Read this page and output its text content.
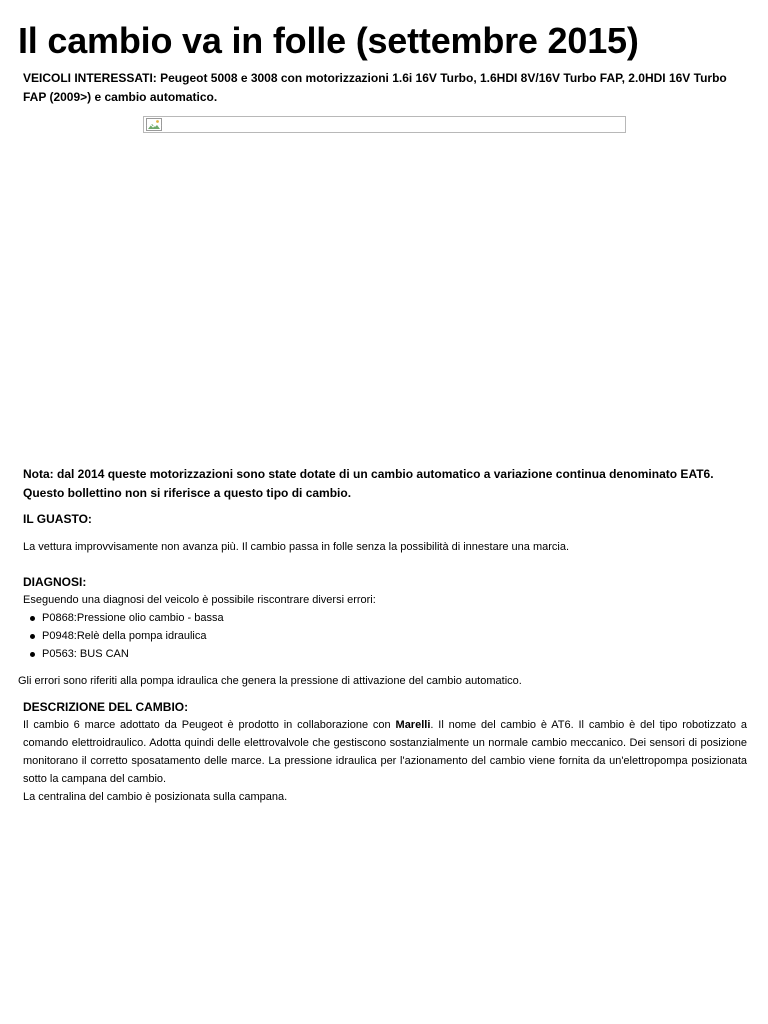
Il cambio va in folle (settembre 2015)

VEICOLI INTERESSATI: Peugeot 5008 e 3008 con motorizzazioni 1.6i 16V Turbo, 1.6HDI 8V/16V Turbo FAP, 2.0HDI 16V Turbo FAP (2009>) e cambio automatico.

Nota: dal 2014 queste motorizzazioni sono state dotate di un cambio automatico a variazione continua denominato EAT6. Questo bollettino non si riferisce a questo tipo di cambio.

IL GUASTO:

La vettura improvvisamente non avanza più. Il cambio passa in folle senza la possibilità di innestare una marcia.

DIAGNOSI:

Eseguendo una diagnosi del veicolo è possibile riscontrare diversi errori:

P0868:Pressione olio cambio - bassa
P0948:Relè della pompa idraulica
P0563: BUS CAN

Gli errori sono riferiti alla pompa idraulica che genera la pressione di attivazione del cambio automatico.

DESCRIZIONE DEL CAMBIO:

Il cambio 6 marce adottato da Peugeot è prodotto in collaborazione con Marelli. Il nome del cambio è AT6. Il cambio è del tipo robotizzato a comando elettroidraulico. Adotta quindi delle elettrovalvole che gestiscono sostanzialmente un normale cambio meccanico. Dei sensori di posizione monitorano il corretto sposatamento delle marce. La pressione idraulica per l'azionamento del cambio viene fornita da un'elettropompa posizionata sotto la campana del cambio.

La centralina del cambio è posizionata sulla campana.
